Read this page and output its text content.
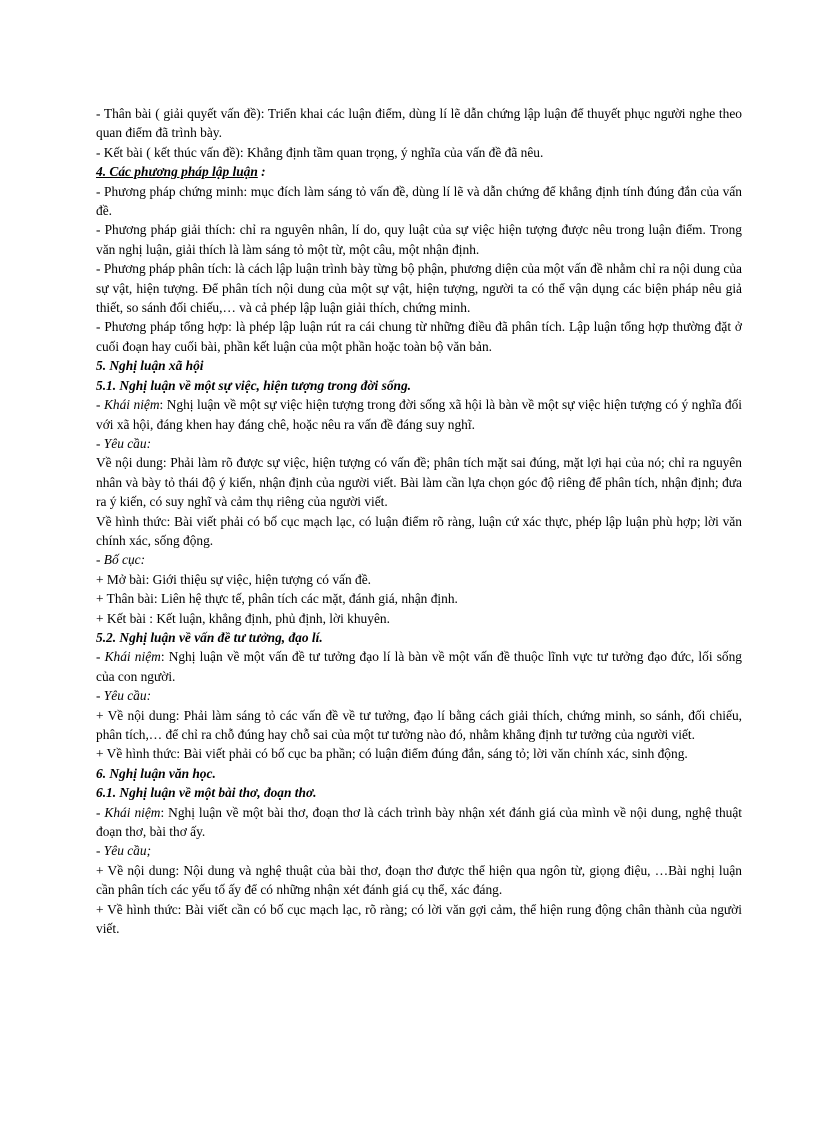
- Thân bài ( giải quyết vấn đề): Triển khai các luận điểm, dùng lí lẽ dẫn chứng lập luận để thuyết phục người nghe theo quan điểm đã trình bày.

- Kết bài ( kết thúc vấn đề): Khẳng định tầm quan trọng, ý nghĩa của vấn đề đã nêu.

4. Các phương pháp lập luận :

- Phương pháp chứng minh: mục đích làm sáng tỏ vấn đề, dùng lí lẽ và dẫn chứng để khẳng định tính đúng đắn của vấn đề.

- Phương pháp giải thích: chỉ ra nguyên nhân, lí do, quy luật của sự việc hiện tượng được nêu trong luận điểm. Trong văn nghị luận, giải thích là làm sáng tỏ một từ, một câu, một nhận định.

- Phương pháp phân tích: là cách lập luận trình bày từng bộ phận, phương diện của một vấn đề nhằm chỉ ra nội dung của sự vật, hiện tượng. Để phân tích nội dung của một sự vật, hiện tượng, người ta có thể vận dụng các biện pháp nêu giả thiết, so sánh đối chiếu,… và cả phép lập luận giải thích, chứng minh.

- Phương pháp tổng hợp: là phép lập luận rút ra cái chung từ những điều đã phân tích. Lập luận tổng hợp thường đặt ở cuối đoạn hay cuối bài, phần kết luận của một phần hoặc toàn bộ văn bản.

5. Nghị luận xã hội

5.1. Nghị luận về một sự việc, hiện tượng trong đời sống.

- Khái niệm: Nghị luận về một sự việc hiện tượng trong đời sống xã hội là bàn về một sự việc hiện tượng có ý nghĩa đối với xã hội, đáng khen hay đáng chê, hoặc nêu ra vấn đề đáng suy nghĩ.

- Yêu cầu:

Về nội dung: Phải làm rõ được sự việc, hiện tượng có vấn đề; phân tích mặt sai đúng, mặt lợi hại của nó; chỉ ra nguyên nhân và bày tỏ thái độ ý kiến, nhận định của người viết. Bài làm cần lựa chọn góc độ riêng để phân tích, nhận định; đưa ra ý kiến, có suy nghĩ và cảm thụ riêng của người viết.

Về hình thức: Bài viết phải có bố cục mạch lạc, có luận điểm rõ ràng, luận cứ xác thực, phép lập luận phù hợp; lời văn chính xác, sống động.

- Bố cục:

+ Mở bài: Giới thiệu sự việc, hiện tượng có vấn đề.

+ Thân bài: Liên hệ thực tế, phân tích các mặt, đánh giá, nhận định.

+ Kết bài : Kết luận, khẳng định, phủ định, lời khuyên.

5.2. Nghị luận về vấn đề tư tưởng, đạo lí.

- Khái niệm: Nghị luận về một vấn đề tư tưởng đạo lí là bàn về một vấn đề thuộc lĩnh vực tư tưởng đạo đức, lối sống của con người.

- Yêu cầu:

+ Về nội dung: Phải làm sáng tỏ các vấn đề về tư tưởng, đạo lí bằng cách giải thích, chứng minh, so sánh, đối chiếu, phân tích,… để chỉ ra chỗ đúng hay chỗ sai của một tư tưởng nào đó, nhằm khẳng định tư tưởng của người viết.

+ Về hình thức: Bài viết phải có bố cục ba phần; có luận điểm đúng đắn, sáng tỏ; lời văn chính xác, sinh động.

6. Nghị luận văn học.

6.1. Nghị luận về một bài thơ, đoạn thơ.

- Khái niệm: Nghị luận về một bài thơ, đoạn thơ là cách trình bày nhận xét đánh giá của mình về nội dung, nghệ thuật đoạn thơ, bài thơ ấy.

- Yêu cầu;

+ Về nội dung: Nội dung và nghệ thuật của bài thơ, đoạn thơ được thể hiện qua ngôn từ, giọng điệu, …Bài nghị luận cần phân tích các yếu tố ấy để có những nhận xét đánh giá cụ thể, xác đáng.

+ Về hình thức: Bài viết cần có bố cục mạch lạc, rõ ràng; có lời văn gợi cảm, thể hiện rung động chân thành của người viết.
